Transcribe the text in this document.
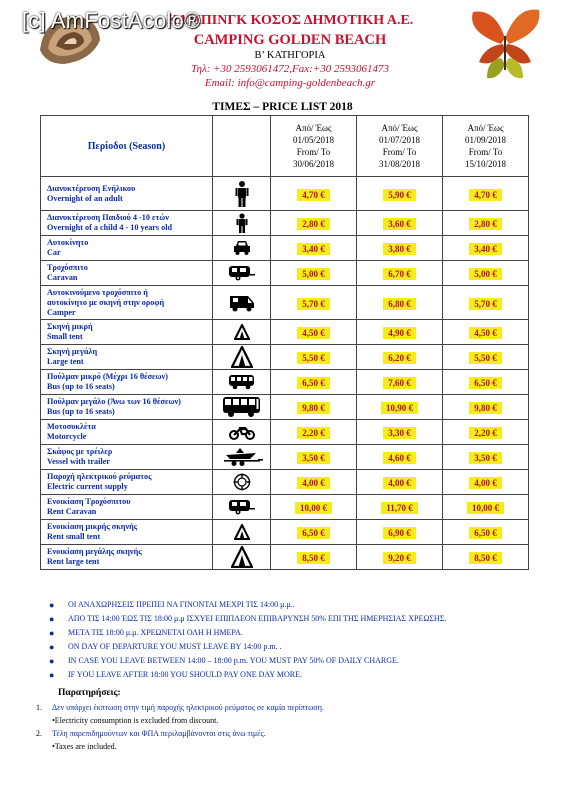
[c] AmFostAcolo®
ΚΑΜΠΙΝΓΚ ΚΟΣΟΣ ΔΗΜΟΤΙΚΗ Α.Ε.
CAMPING GOLDEN BEACH
Β’ ΚΑΤΗΓΟΡΙΑ
Τηλ: +30 2593061472,Fax:+30 2593061473
Email: info@camping-goldenbeach.gr
ΤΙΜΕΣ – PRICE LIST 2018
Περίοδοι (Season)		Από/ Έως
01/05/2018
From/ To
30/06/2018	Από/ Έως
01/07/2018
From/ To
31/08/2018	Από/ Έως
01/09/2018
From/ To
15/10/2018

Διανυκτέρευση Ενήλικου
Overnight of an adult		4,70 €	5,90 €	4,70 €

Διανυκτέρευση Παιδιού 4 -10 ετών
Overnight of a child 4 - 10 years old		2,80 €	3,60 €	2,80 €

Αυτοκίνητο
Car		3,40 €	3,80 €	3,40 €

Τροχόσπιτο
Caravan		5,00 €	6,70 €	5,00 €

Αυτοκινούμενο τροχόσπιτο ή
αυτοκίνητο με σκηνή στην οροφή
Camper		5,70 €	6,80 €	5,70 €

Σκηνή μικρή
Small tent		4,50 €	4,90 €	4,50 €

Σκηνή μεγάλη
Large tent		5,50 €	6,20 €	5,50 €

Πούλμαν μικρό (Μέχρι 16 θέσεων)
Bus (up to 16 seats)		6,50 €	7,60 €	6,50 €

Πούλμαν μεγάλο (Άνω των 16 θέσεων)
Bus (up to 16 seats)		9,80 €	10,90 €	9,80 €

Μοτοσυκλέτα
Motorcycle		2,20 €	3,30 €	2,20 €

Σκάφος με τρέιλερ
Vessel with trailer		3,50 €	4,60 €	3,50 €

Παροχή ηλεκτρικού ρεύματος
Electric current supply		4,00 €	4,00 €	4,00 €

Ενοικίαση Τροχόσπιτου
Rent Caravan		10,00 €	11,70 €	10,00 €

Ενοικίαση μικρής σκηνής
Rent small tent		6,50 €	6,90 €	6,50 €

Ενοικίαση μεγάλης σκηνής
Rent large tent		8,50 €	9,20 €	8,50 €
● ΟΙ ΑΝΑΧΩΡΗΣΕΙΣ ΠΡΕΠΕΙ ΝΑ ΓΙΝΟΝΤΑΙ ΜΕΧΡΙ ΤΙΣ 14:00 μ.μ..
● ΑΠΟ ΤΙΣ 14:00 ΈΩΣ ΤΙΣ 18:00 μ.μ ΙΣΧΥΕΙ ΕΠΙΠΛΕΟΝ ΕΠΙΒΑΡΥΝΣΗ 50% ΕΠΙ ΤΗΣ ΗΜΕΡΗΣΙΑΣ ΧΡΕΩΣΗΣ.
● ΜΕΤΑ ΤΙΣ 18:00 μ.μ. ΧΡΕΩΝΕΤΑΙ ΟΛΗ Η ΗΜΕΡΑ.
● ON DAY OF DEPARTURE YOU MUST LEAVE BY 14:00 p.m. .
● IN CASE YOU LEAVE BETWEEN 14:00 – 18:00 p.m. YOU MUST PAY 50% OF DAILY CHARGE.
● IF YOU LEAVE AFTER 18:00 YOU SHOULD PAY ONE DAY MORE.
Παρατηρήσεις:
1. Δεν υπάρχει έκπτωση στην τιμή παροχής ηλεκτρικού ρεύματος σε καμία περίπτωση.
•Electricity consumption is excluded from discount.
2. Τέλη παρεπιδημούντων και ΦΠΑ περιλαμβάνονται στις άνω τιμές.
•Taxes are included.
